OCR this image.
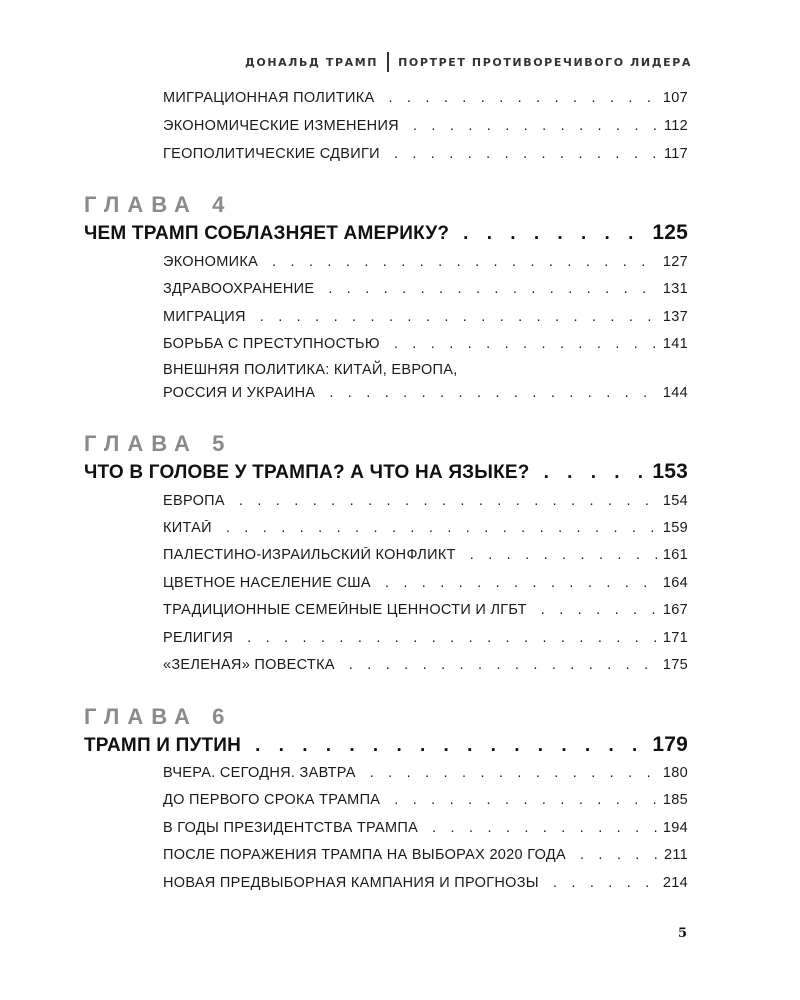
ДОНАЛЬД ТРАМП ПОРТРЕТ ПРОТИВОРЕЧИВОГО ЛИДЕРА
МИГРАЦИОННАЯ ПОЛИТИКА . . .	107
ЭКОНОМИЧЕСКИЕ ИЗМЕНЕНИЯ . . .	112
ГЕОПОЛИТИЧЕСКИЕ СДВИГИ . . .	117
ГЛАВА 4
ЧЕМ ТРАМП СОБЛАЗНЯЕТ АМЕРИКУ? . . .	125
ЭКОНОМИКА . . .	127
ЗДРАВООХРАНЕНИЕ . . .	131
МИГРАЦИЯ . . .	137
БОРЬБА С ПРЕСТУПНОСТЬЮ . . .	141
ВНЕШНЯЯ ПОЛИТИКА: КИТАЙ, ЕВРОПА,
РОССИЯ И УКРАИНА . . .	144
ГЛАВА 5
ЧТО В ГОЛОВЕ У ТРАМПА? А ЧТО НА ЯЗЫКЕ? . . .	153
ЕВРОПА . . .	154
КИТАЙ . . .	159
ПАЛЕСТИНО-ИЗРАИЛЬСКИЙ КОНФЛИКТ . . .	161
ЦВЕТНОЕ НАСЕЛЕНИЕ США . . .	164
ТРАДИЦИОННЫЕ СЕМЕЙНЫЕ ЦЕННОСТИ И ЛГБТ . . .	167
РЕЛИГИЯ . . .	171
«ЗЕЛЕНАЯ» ПОВЕСТКА . . .	175
ГЛАВА 6
ТРАМП И ПУТИН . . .	179
ВЧЕРА. СЕГОДНЯ. ЗАВТРА . . .	180
ДО ПЕРВОГО СРОКА ТРАМПА . . .	185
В ГОДЫ ПРЕЗИДЕНТСТВА ТРАМПА . . .	194
ПОСЛЕ ПОРАЖЕНИЯ ТРАМПА НА ВЫБОРАХ 2020 ГОДА . . .	211
НОВАЯ ПРЕДВЫБОРНАЯ КАМПАНИЯ И ПРОГНОЗЫ . . .	214
5
